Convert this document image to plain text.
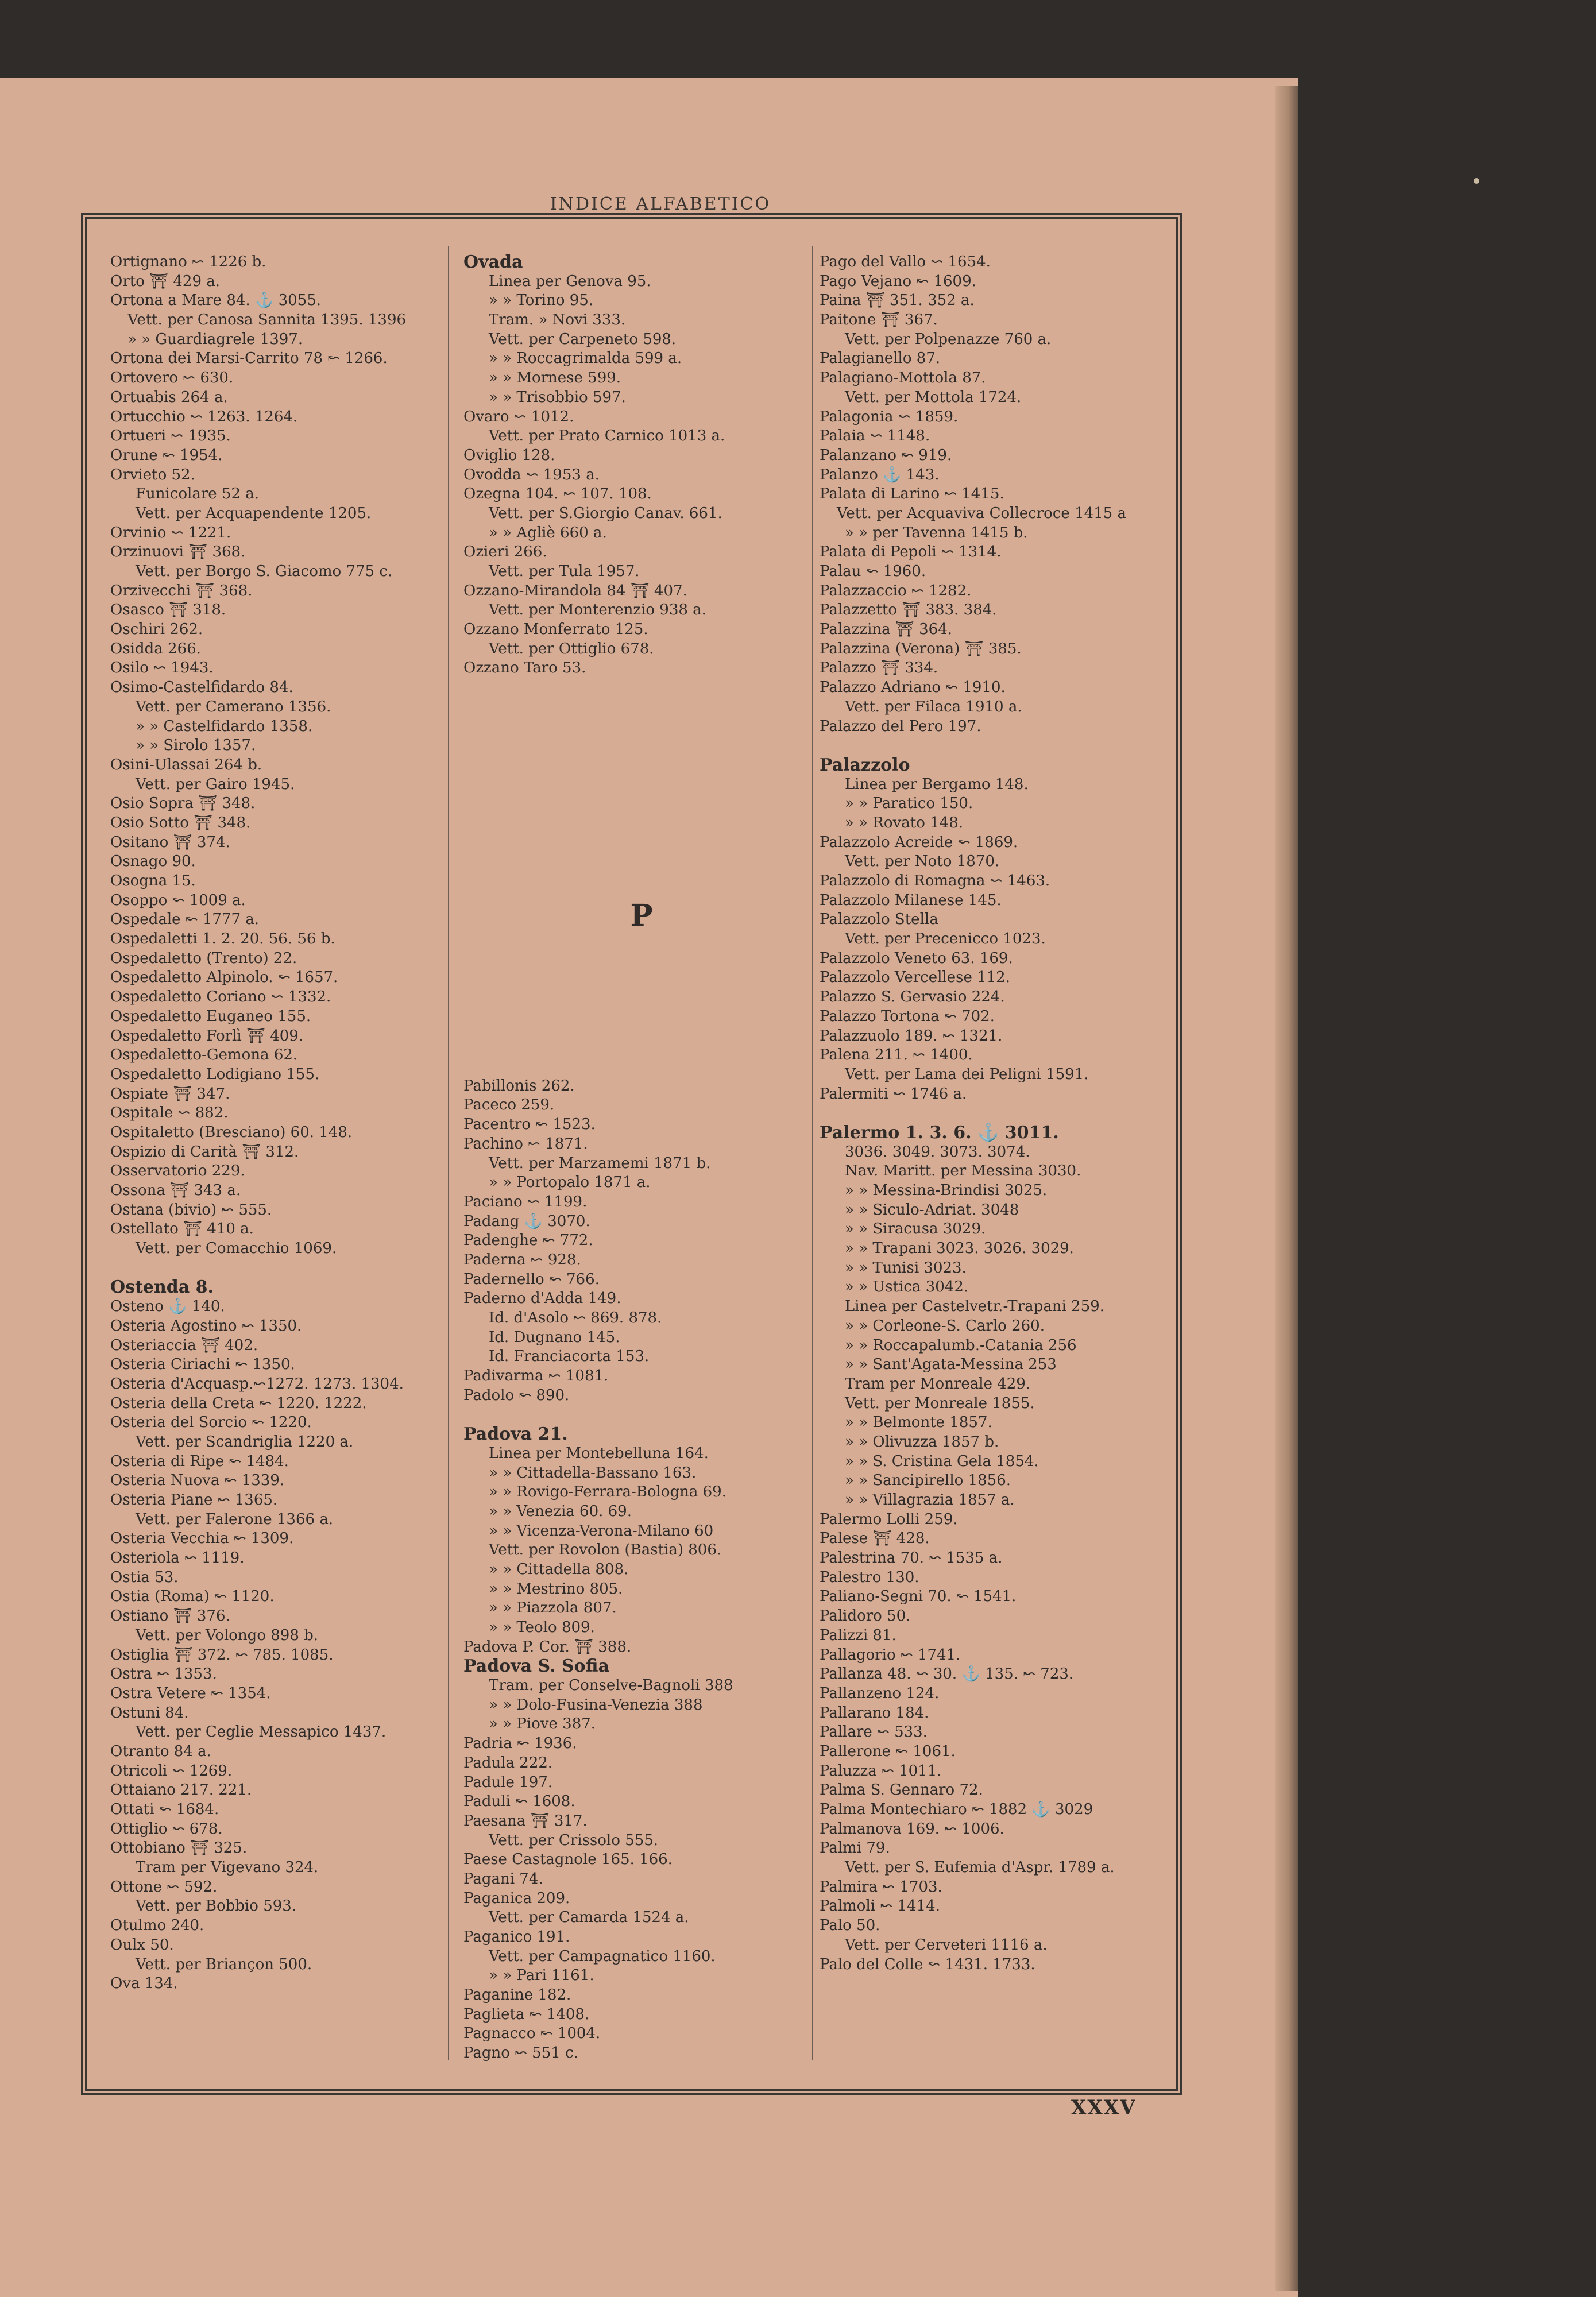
INDICE ALFABETICO
Ortignano ↜ 1226 b.
Orto ⛩ 429 a.
Ortona a Mare 84. ⚓ 3055.
Vett. per Canosa Sannita 1395. 1396
» » Guardiagrele 1397.
Ortona dei Marsi-Carrito 78 ↜ 1266.
Ortovero ↜ 630.
Ortuabis 264 a.
Ortucchio ↜ 1263. 1264.
Ortueri ↜ 1935.
Orune ↜ 1954.
Orvieto 52.
Funicolare 52 a.
Vett. per Acquapendente 1205.
Orvinio ↜ 1221.
Orzinuovi ⛩ 368.
Vett. per Borgo S. Giacomo 775 c.
Orzivecchi ⛩ 368.
Osasco ⛩ 318.
Oschiri 262.
Osidda 266.
Osilo ↜ 1943.
Osimo-Castelfidardo 84.
Vett. per Camerano 1356.
» » Castelfidardo 1358.
» » Sirolo 1357.
Osini-Ulassai 264 b.
Vett. per Gairo 1945.
Osio Sopra ⛩ 348.
Osio Sotto ⛩ 348.
Ositano ⛩ 374.
Osnago 90.
Osogna 15.
Osoppo ↜ 1009 a.
Ospedale ↜ 1777 a.
Ospedaletti 1. 2. 20. 56. 56 b.
Ospedaletto (Trento) 22.
Ospedaletto Alpinolo. ↜ 1657.
Ospedaletto Coriano ↜ 1332.
Ospedaletto Euganeo 155.
Ospedaletto Forlì ⛩ 409.
Ospedaletto-Gemona 62.
Ospedaletto Lodigiano 155.
Ospiate ⛩ 347.
Ospitale ↜ 882.
Ospitaletto (Bresciano) 60. 148.
Ospizio di Carità ⛩ 312.
Osservatorio 229.
Ossona ⛩ 343 a.
Ostana (bivio) ↜ 555.
Ostellato ⛩ 410 a.
Vett. per Comacchio 1069.
Ostenda 8.
Osteno ⚓ 140.
Osteria Agostino ↜ 1350.
Osteriaccia ⛩ 402.
Osteria Ciriachi ↜ 1350.
Osteria d'Acquasp.↜1272. 1273. 1304.
Osteria della Creta ↜ 1220. 1222.
Osteria del Sorcio ↜ 1220.
Vett. per Scandriglia 1220 a.
Osteria di Ripe ↜ 1484.
Osteria Nuova ↜ 1339.
Osteria Piane ↜ 1365.
Vett. per Falerone 1366 a.
Osteria Vecchia ↜ 1309.
Osteriola ↜ 1119.
Ostia 53.
Ostia (Roma) ↜ 1120.
Ostiano ⛩ 376.
Vett. per Volongo 898 b.
Ostiglia ⛩ 372. ↜ 785. 1085.
Ostra ↜ 1353.
Ostra Vetere ↜ 1354.
Ostuni 84.
Vett. per Ceglie Messapico 1437.
Otranto 84 a.
Otricoli ↜ 1269.
Ottaiano 217. 221.
Ottati ↜ 1684.
Ottiglio ↜ 678.
Ottobiano ⛩ 325.
Tram per Vigevano 324.
Ottone ↜ 592.
Vett. per Bobbio 593.
Otulmo 240.
Oulx 50.
Vett. per Briançon 500.
Ova 134.
Ovada
Linea per Genova 95.
» » Torino 95.
Tram. » Novi 333.
Vett. per Carpeneto 598.
» » Roccagrimalda 599 a.
» » Mornese 599.
» » Trisobbio 597.
Ovaro ↜ 1012.
Vett. per Prato Carnico 1013 a.
Oviglio 128.
Ovodda ↜ 1953 a.
Ozegna 104. ↜ 107. 108.
Vett. per S.Giorgio Canav. 661.
» » Agliè 660 a.
Ozieri 266.
Vett. per Tula 1957.
Ozzano-Mirandola 84 ⛩ 407.
Vett. per Monterenzio 938 a.
Ozzano Monferrato 125.
Vett. per Ottiglio 678.
Ozzano Taro 53.
P
Pabillonis 262.
Paceco 259.
Pacentro ↜ 1523.
Pachino ↜ 1871.
Vett. per Marzamemi 1871 b.
» » Portopalo 1871 a.
Paciano ↜ 1199.
Padang ⚓ 3070.
Padenghe ↜ 772.
Paderna ↜ 928.
Padernello ↜ 766.
Paderno d'Adda 149.
Id. d'Asolo ↜ 869. 878.
Id. Dugnano 145.
Id. Franciacorta 153.
Padivarma ↜ 1081.
Padolo ↜ 890.
Padova 21.
Linea per Montebelluna 164.
» » Cittadella-Bassano 163.
» » Rovigo-Ferrara-Bologna 69.
» » Venezia 60. 69.
» » Vicenza-Verona-Milano 60
Vett. per Rovolon (Bastia) 806.
» » Cittadella 808.
» » Mestrino 805.
» » Piazzola 807.
» » Teolo 809.
Padova P. Cor. ⛩ 388.
Padova S. Sofia
Tram. per Conselve-Bagnoli 388
» » Dolo-Fusina-Venezia 388
» » Piove 387.
Padria ↜ 1936.
Padula 222.
Padule 197.
Paduli ↜ 1608.
Paesana ⛩ 317.
Vett. per Crissolo 555.
Paese Castagnole 165. 166.
Pagani 74.
Paganica 209.
Vett. per Camarda 1524 a.
Paganico 191.
Vett. per Campagnatico 1160.
» » Pari 1161.
Paganine 182.
Paglieta ↜ 1408.
Pagnacco ↜ 1004.
Pagno ↜ 551 c.
Pago del Vallo ↜ 1654.
Pago Vejano ↜ 1609.
Paina ⛩ 351. 352 a.
Paitone ⛩ 367.
Vett. per Polpenazze 760 a.
Palagianello 87.
Palagiano-Mottola 87.
Vett. per Mottola 1724.
Palagonia ↜ 1859.
Palaia ↜ 1148.
Palanzano ↜ 919.
Palanzo ⚓ 143.
Palata di Larino ↜ 1415.
Vett. per Acquaviva Collecroce 1415 a
» » per Tavenna 1415 b.
Palata di Pepoli ↜ 1314.
Palau ↜ 1960.
Palazzaccio ↜ 1282.
Palazzetto ⛩ 383. 384.
Palazzina ⛩ 364.
Palazzina (Verona) ⛩ 385.
Palazzo ⛩ 334.
Palazzo Adriano ↜ 1910.
Vett. per Filaca 1910 a.
Palazzo del Pero 197.
Palazzolo
Linea per Bergamo 148.
» » Paratico 150.
» » Rovato 148.
Palazzolo Acreide ↜ 1869.
Vett. per Noto 1870.
Palazzolo di Romagna ↜ 1463.
Palazzolo Milanese 145.
Palazzolo Stella
Vett. per Precenicco 1023.
Palazzolo Veneto 63. 169.
Palazzolo Vercellese 112.
Palazzo S. Gervasio 224.
Palazzo Tortona ↜ 702.
Palazzuolo 189. ↜ 1321.
Palena 211. ↜ 1400.
Vett. per Lama dei Peligni 1591.
Palermiti ↜ 1746 a.
Palermo 1. 3. 6. ⚓ 3011.
3036. 3049. 3073. 3074.
Nav. Maritt. per Messina 3030.
» » Messina-Brindisi 3025.
» » Siculo-Adriat. 3048
» » Siracusa 3029.
» » Trapani 3023. 3026. 3029.
» » Tunisi 3023.
» » Ustica 3042.
Linea per Castelvetr.-Trapani 259.
» » Corleone-S. Carlo 260.
» » Roccapalumb.-Catania 256
» » Sant'Agata-Messina 253
Tram per Monreale 429.
Vett. per Monreale 1855.
» » Belmonte 1857.
» » Olivuzza 1857 b.
» » S. Cristina Gela 1854.
» » Sancipirello 1856.
» » Villagrazia 1857 a.
Palermo Lolli 259.
Palese ⛩ 428.
Palestrina 70. ↜ 1535 a.
Palestro 130.
Paliano-Segni 70. ↜ 1541.
Palidoro 50.
Palizzi 81.
Pallagorio ↜ 1741.
Pallanza 48. ↜ 30. ⚓ 135. ↜ 723.
Pallanzeno 124.
Pallarano 184.
Pallare ↜ 533.
Pallerone ↜ 1061.
Paluzza ↜ 1011.
Palma S. Gennaro 72.
Palma Montechiaro ↜ 1882 ⚓ 3029
Palmanova 169. ↜ 1006.
Palmi 79.
Vett. per S. Eufemia d'Aspr. 1789 a.
Palmira ↜ 1703.
Palmoli ↜ 1414.
Palo 50.
Vett. per Cerveteri 1116 a.
Palo del Colle ↜ 1431. 1733.
XXXV
